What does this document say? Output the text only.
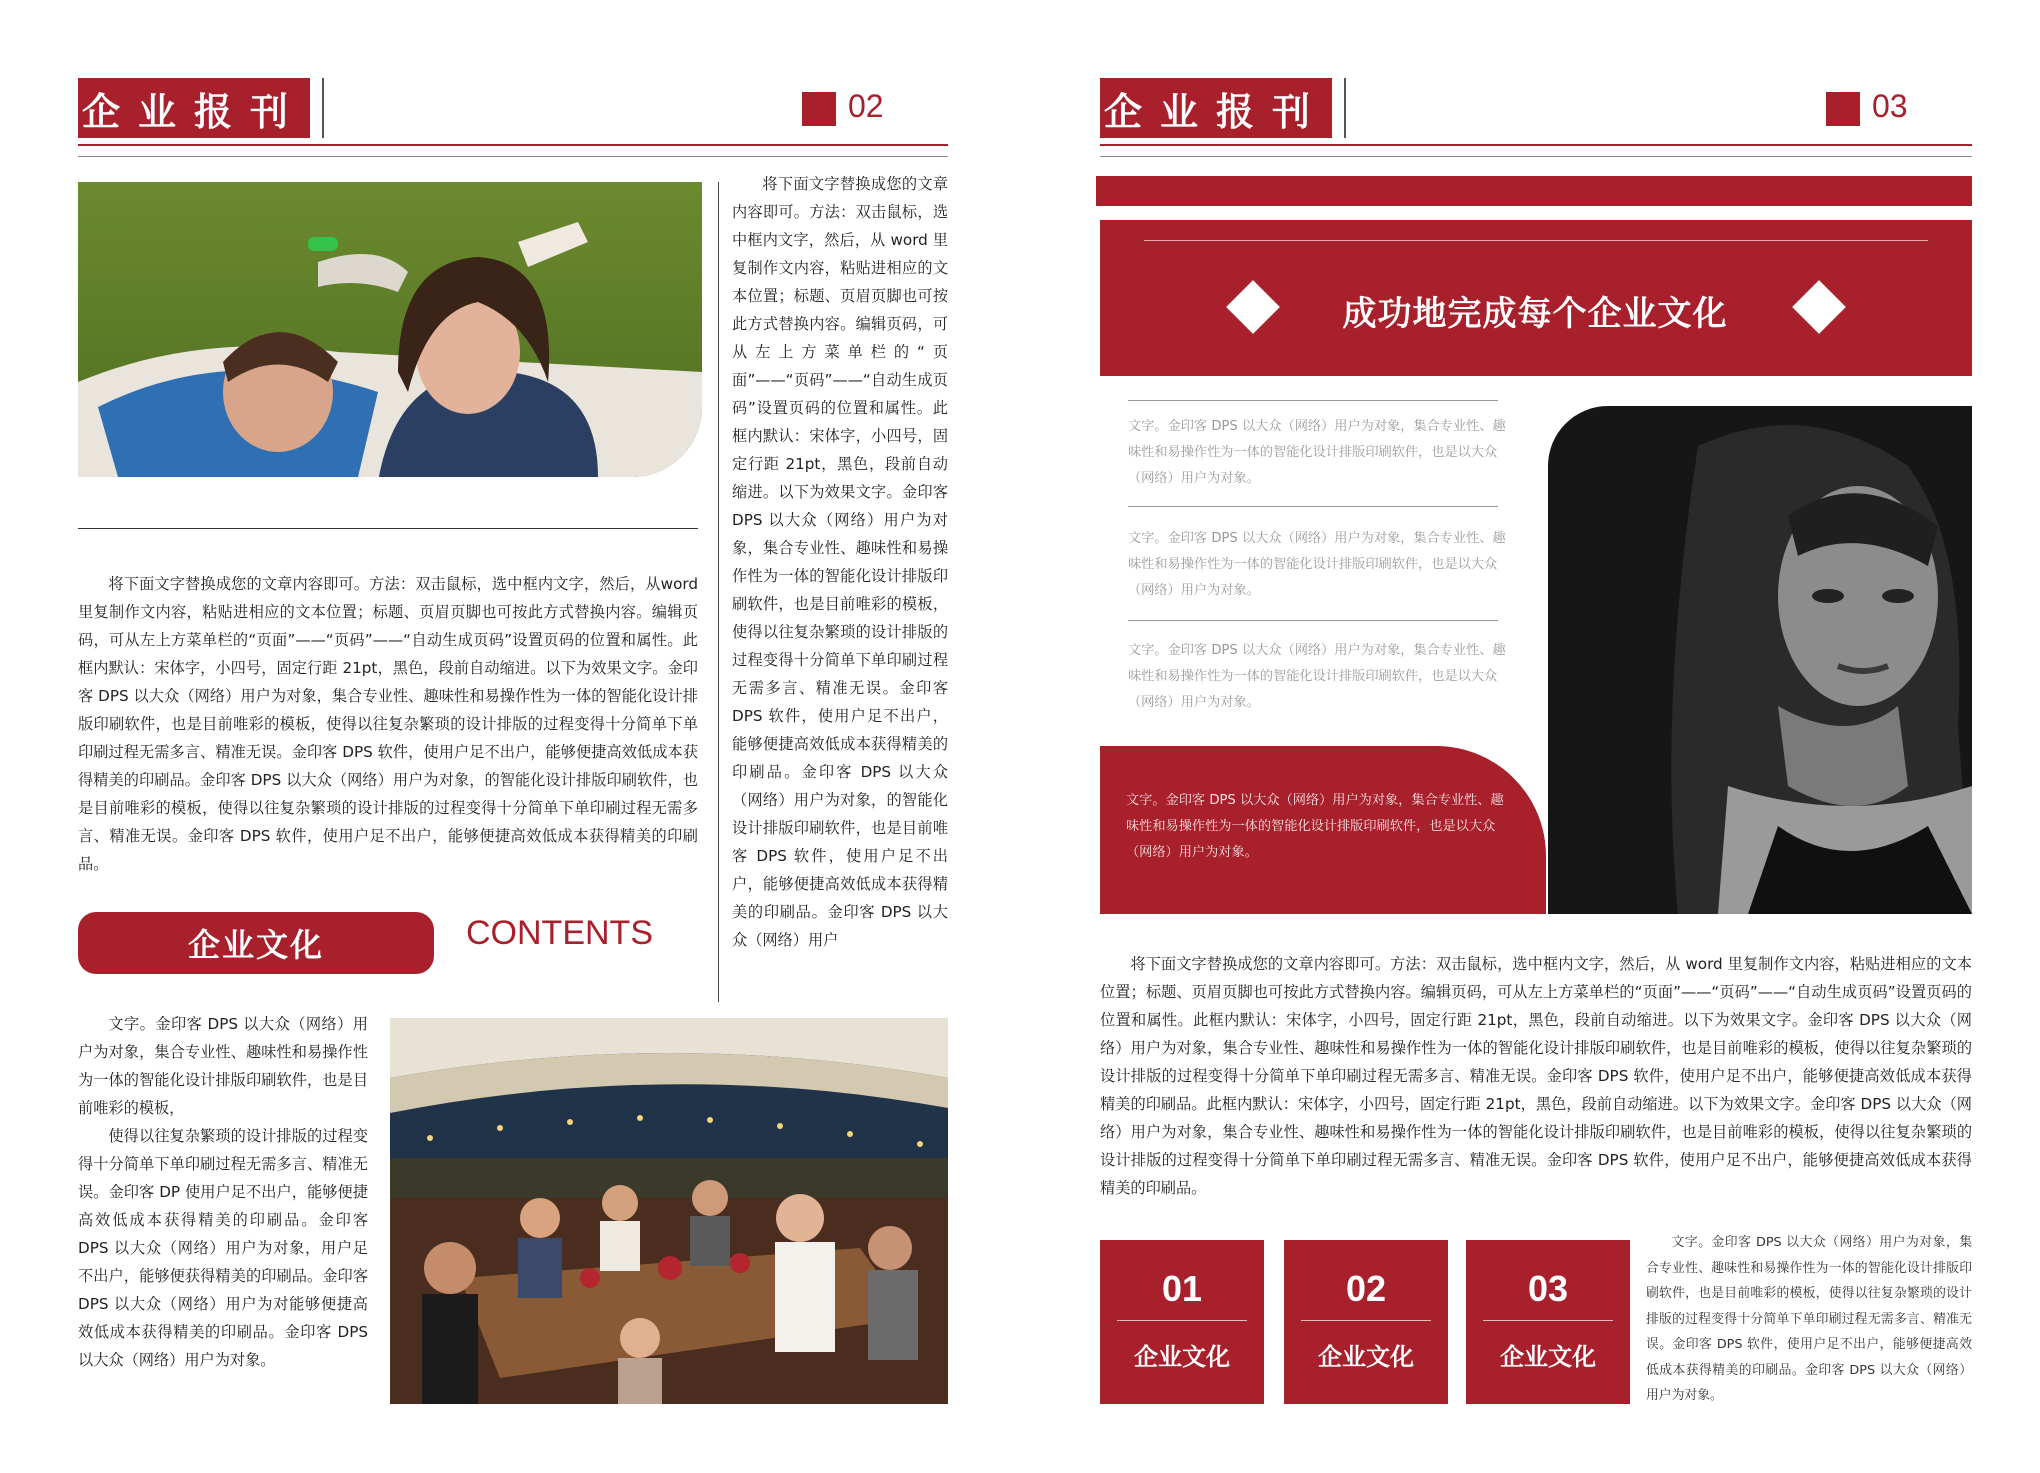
企业报刊	02

将下面文字替换成您的文章内容即可。方法：双击鼠标，选中框内文字，然后，从 word 里复制作文内容，粘贴进相应的文本位置；标题、页眉页脚也可按此方式替换内容。编辑页码，可从左上方菜单栏的“页面”——“页码”——“自动生成页码”设置页码的位置和属性。此框内默认：宋体字，小四号，固定行距 21pt，黑色，段前自动缩进。以下为效果文字。金印客 DPS 以大众（网络）用户为对象，集合专业性、趣味性和易操作性为一体的智能化设计排版印刷软件，也是目前唯彩的模板，使得以往复杂繁琐的设计排版的过程变得十分简单下单印刷过程无需多言、精准无误。金印客 DPS 软件，使用户足不出户，能够便捷高效低成本获得精美的印刷品。金印客 DPS 以大众（网络）用户为对象，的智能化设计排版印刷软件，也是目前唯客 DPS 软件，使用户足不出户，能够便捷高效低成本获得精美的印刷品。金印客 DPS 以大众（网络）用户

将下面文字替换成您的文章内容即可。方法：双击鼠标，选中框内文字，然后，从word 里复制作文内容，粘贴进相应的文本位置；标题、页眉页脚也可按此方式替换内容。编辑页码，可从左上方菜单栏的“页面”——“页码”——“自动生成页码”设置页码的位置和属性。此框内默认：宋体字，小四号，固定行距 21pt，黑色，段前自动缩进。以下为效果文字。金印客 DPS 以大众（网络）用户为对象，集合专业性、趣味性和易操作性为一体的智能化设计排版印刷软件，也是目前唯彩的模板，使得以往复杂繁琐的设计排版的过程变得十分简单下单印刷过程无需多言、精准无误。金印客 DPS 软件，使用户足不出户，能够便捷高效低成本获得精美的印刷品。金印客 DPS 以大众（网络）用户为对象，的智能化设计排版印刷软件，也是目前唯彩的模板，使得以往复杂繁琐的设计排版的过程变得十分简单下单印刷过程无需多言、精准无误。金印客 DPS 软件，使用户足不出户，能够便捷高效低成本获得精美的印刷品。

企业文化	CONTENTS

文字。金印客 DPS 以大众（网络）用户为对象，集合专业性、趣味性和易操作性为一体的智能化设计排版印刷软件，也是目前唯彩的模板，

使得以往复杂繁琐的设计排版的过程变得十分简单下单印刷过程无需多言、精准无误。金印客 DP 使用户足不出户，能够便捷高效低成本获得精美的印刷品。金印客 DPS 以大众（网络）用户为对象，用户足不出户，能够便获得精美的印刷品。金印客 DPS 以大众（网络）用户为对能够便捷高效低成本获得精美的印刷品。金印客 DPS 以大众（网络）用户为对象。

企业报刊	03
成功地完成每个企业文化

文字。金印客 DPS 以大众（网络）用户为对象，集合专业性、趣味性和易操作性为一体的智能化设计排版印刷软件，也是以大众（网络）用户为对象。

文字。金印客 DPS 以大众（网络）用户为对象，集合专业性、趣味性和易操作性为一体的智能化设计排版印刷软件，也是以大众（网络）用户为对象。

文字。金印客 DPS 以大众（网络）用户为对象，集合专业性、趣味性和易操作性为一体的智能化设计排版印刷软件，也是以大众（网络）用户为对象。

文字。金印客 DPS 以大众（网络）用户为对象，集合专业性、趣味性和易操作性为一体的智能化设计排版印刷软件，也是以大众（网络）用户为对象。

将下面文字替换成您的文章内容即可。方法：双击鼠标，选中框内文字，然后，从 word 里复制作文内容，粘贴进相应的文本位置；标题、页眉页脚也可按此方式替换内容。编辑页码，可从左上方菜单栏的“页面”——“页码”——“自动生成页码”设置页码的位置和属性。此框内默认：宋体字，小四号，固定行距 21pt，黑色，段前自动缩进。以下为效果文字。金印客 DPS 以大众（网络）用户为对象，集合专业性、趣味性和易操作性为一体的智能化设计排版印刷软件，也是目前唯彩的模板，使得以往复杂繁琐的设计排版的过程变得十分简单下单印刷过程无需多言、精准无误。金印客 DPS 软件，使用户足不出户，能够便捷高效低成本获得精美的印刷品。此框内默认：宋体字，小四号，固定行距 21pt，黑色，段前自动缩进。以下为效果文字。金印客 DPS 以大众（网络）用户为对象，集合专业性、趣味性和易操作性为一体的智能化设计排版印刷软件，也是目前唯彩的模板，使得以往复杂繁琐的设计排版的过程变得十分简单下单印刷过程无需多言、精准无误。金印客 DPS 软件，使用户足不出户，能够便捷高效低成本获得精美的印刷品。

01
企业文化
02
企业文化
03
企业文化

文字。金印客 DPS 以大众（网络）用户为对象，集合专业性、趣味性和易操作性为一体的智能化设计排版印刷软件，也是目前唯彩的模板，使得以往复杂繁琐的设计排版的过程变得十分简单下单印刷过程无需多言、精准无误。金印客 DPS 软件，使用户足不出户，能够便捷高效低成本获得精美的印刷品。金印客 DPS 以大众（网络）用户为对象。
